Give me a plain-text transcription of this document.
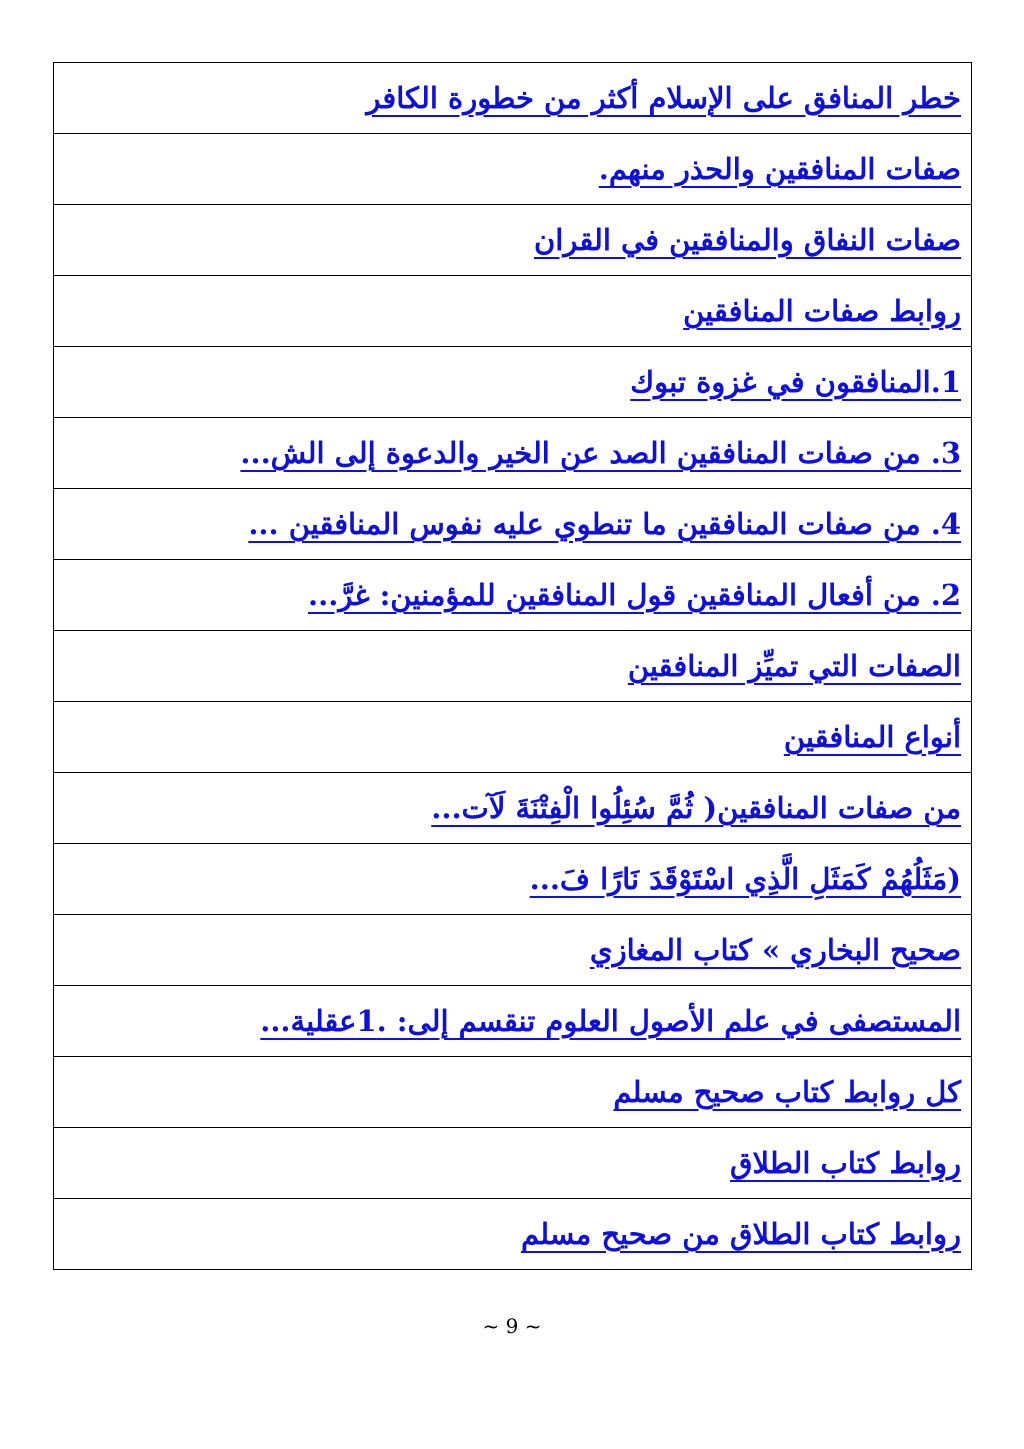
خطر المنافق على الإسلام أكثر من خطورة الكافر
صفات المنافقين والحذر منهم.
صفات النفاق والمنافقين في القران
روابط صفات المنافقين
1.المنافقون في غزوة تبوك
3. من صفات المنافقين الصد عن الخير والدعوة إلى الش...
4. من صفات المنافقين ما تنطوي عليه نفوس المنافقين ...
2. من أفعال المنافقين قول المنافقين للمؤمنين: غرَّ...
الصفات التي تميِّز المنافقين
أنواع المنافقين
من صفات المنافقين( ثُمَّ سُئِلُوا الْفِتْنَةَ لَآت...
(مَثَلُهُمْ كَمَثَلِ الَّذِي اسْتَوْقَدَ نَارًا فَ...
صحيح البخاري » كتاب المغازي
المستصفى في علم الأصول العلوم تنقسم إلى: .1عقلية...
كل روابط كتاب صحيح مسلم
روابط كتاب الطلاق
روابط كتاب الطلاق من صحيح مسلم
~ 9 ~
